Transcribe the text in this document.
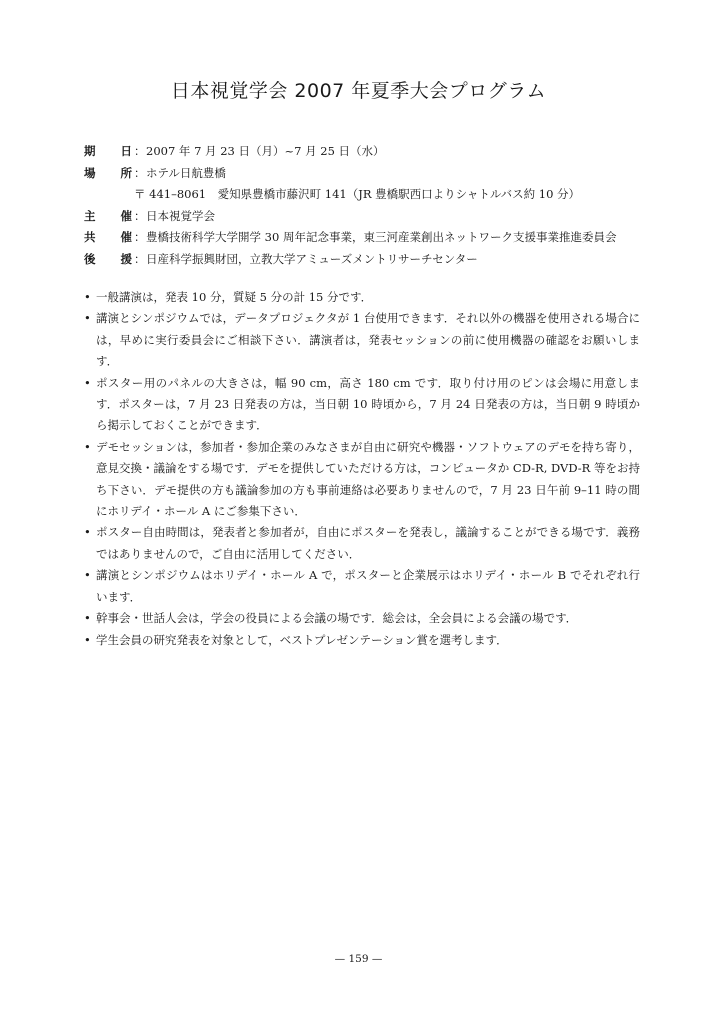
日本視覚学会 2007 年夏季大会プログラム
期日 ： 2007 年 7 月 23 日（月）~7 月 25 日（水）
場所 ： ホテル日航豊橋
〒 441–8061　愛知県豊橋市藤沢町 141（JR 豊橋駅西口よりシャトルバス約 10 分）
主催 ： 日本視覚学会
共催 ： 豊橋技術科学大学開学 30 周年記念事業，東三河産業創出ネットワーク支援事業推進委員会
後援 ： 日産科学振興財団，立教大学アミューズメントリサーチセンター
• 一般講演は，発表 10 分，質疑 5 分の計 15 分です．
• 講演とシンポジウムでは，データプロジェクタが 1 台使用できます．それ以外の機器を使用される場合には，早めに実行委員会にご相談下さい．講演者は，発表セッションの前に使用機器の確認をお願いします．
• ポスター用のパネルの大きさは，幅 90 cm，高さ 180 cm です．取り付け用のピンは会場に用意します．ポスターは，7 月 23 日発表の方は，当日朝 10 時頃から，7 月 24 日発表の方は，当日朝 9 時頃から掲示しておくことができます．
• デモセッションは，参加者・参加企業のみなさまが自由に研究や機器・ソフトウェアのデモを持ち寄り，意見交換・議論をする場です．デモを提供していただける方は，コンピュータか CD-R, DVD-R 等をお持ち下さい．デモ提供の方も議論参加の方も事前連絡は必要ありませんので，7 月 23 日午前 9–11 時の間にホリデイ・ホール A にご参集下さい．
• ポスター自由時間は，発表者と参加者が，自由にポスターを発表し，議論することができる場です．義務ではありませんので，ご自由に活用してください．
• 講演とシンポジウムはホリデイ・ホール A で，ポスターと企業展示はホリデイ・ホール B でそれぞれ行います．
• 幹事会・世話人会は，学会の役員による会議の場です．総会は，全会員による会議の場です．
• 学生会員の研究発表を対象として，ベストプレゼンテーション賞を選考します．
— 159 —
